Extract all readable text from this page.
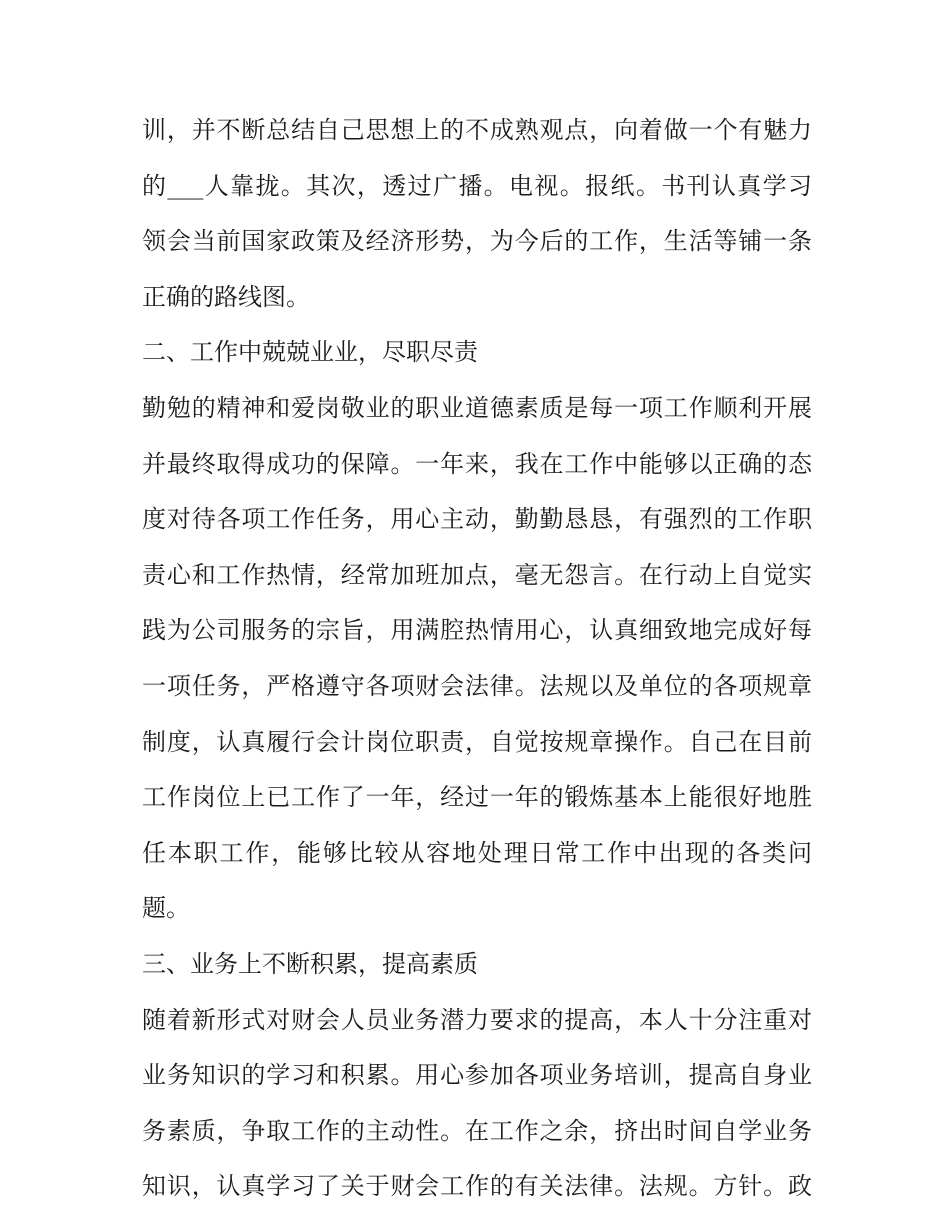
训，并不断总结自己思想上的不成熟观点，向着做一个有魅力
的___人靠拢。其次，透过广播。电视。报纸。书刊认真学习
领会当前国家政策及经济形势，为今后的工作，生活等铺一条
正确的路线图。
二、工作中兢兢业业，尽职尽责
勤勉的精神和爱岗敬业的职业道德素质是每一项工作顺利开展
并最终取得成功的保障。一年来，我在工作中能够以正确的态
度对待各项工作任务，用心主动，勤勤恳恳，有强烈的工作职
责心和工作热情，经常加班加点，毫无怨言。在行动上自觉实
践为公司服务的宗旨，用满腔热情用心，认真细致地完成好每
一项任务，严格遵守各项财会法律。法规以及单位的各项规章
制度，认真履行会计岗位职责，自觉按规章操作。自己在目前
工作岗位上已工作了一年，经过一年的锻炼基本上能很好地胜
任本职工作，能够比较从容地处理日常工作中出现的各类问
题。
三、业务上不断积累，提高素质
随着新形式对财会人员业务潜力要求的提高，本人十分注重对
业务知识的学习和积累。用心参加各项业务培训，提高自身业
务素质，争取工作的主动性。在工作之余，挤出时间自学业务
知识，认真学习了关于财会工作的有关法律。法规。方针。政
